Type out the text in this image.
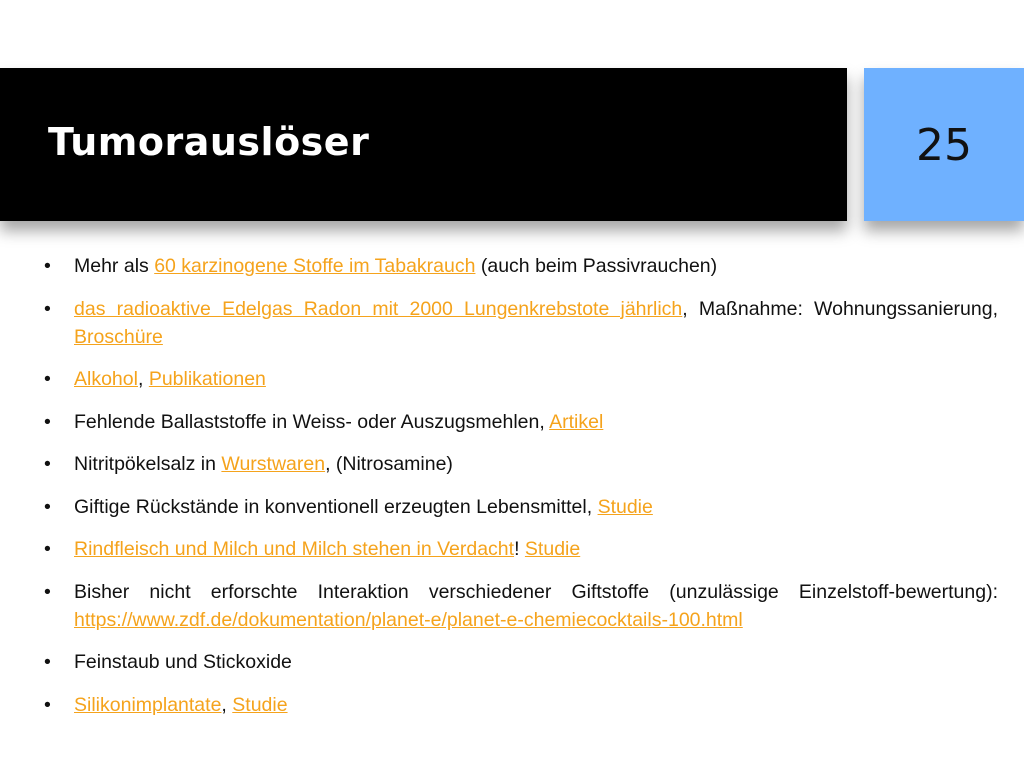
Tumorauslöser	25
• Mehr als 60 karzinogene Stoffe im Tabakrauch (auch beim Passivrauchen)
• das radioaktive Edelgas Radon mit 2000 Lungenkrebstote jährlich, Maßnahme: Wohnungssanierung, Broschüre
• Alkohol, Publikationen
• Fehlende Ballaststoffe in Weiss- oder Auszugsmehlen, Artikel
• Nitritpökelsalz in Wurstwaren, (Nitrosamine)
• Giftige Rückstände in konventionell erzeugten Lebensmittel, Studie
• Rindfleisch und Milch und Milch stehen in Verdacht! Studie
• Bisher nicht erforschte Interaktion verschiedener Giftstoffe (unzulässige Einzelstoff-bewertung): https://www.zdf.de/dokumentation/planet-e/planet-e-chemiecocktails-100.html
• Feinstaub und Stickoxide
• Silikonimplantate, Studie
